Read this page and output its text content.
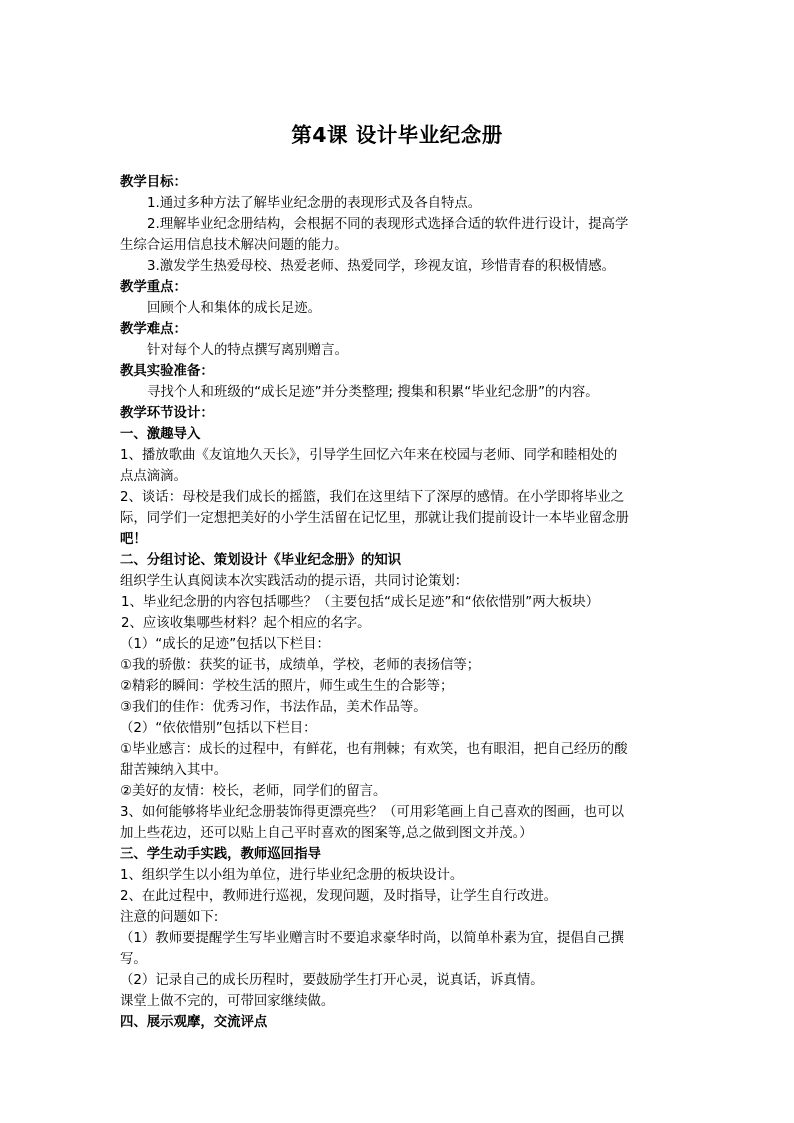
第4课 设计毕业纪念册
教学目标：
1.通过多种方法了解毕业纪念册的表现形式及各自特点。
2.理解毕业纪念册结构，会根据不同的表现形式选择合适的软件进行设计，提高学
生综合运用信息技术解决问题的能力。
3.激发学生热爱母校、热爱老师、热爱同学，珍视友谊，珍惜青春的积极情感。
教学重点：
回顾个人和集体的成长足迹。
教学难点：
针对每个人的特点撰写离别赠言。
教具实验准备：
寻找个人和班级的“成长足迹”并分类整理; 搜集和积累“毕业纪念册”的内容。
教学环节设计：
一、激趣导入
1、播放歌曲《友谊地久天长》，引导学生回忆六年来在校园与老师、同学和睦相处的
点点滴滴。
2、谈话：母校是我们成长的摇篮，我们在这里结下了深厚的感情。在小学即将毕业之
际，同学们一定想把美好的小学生活留在记忆里，那就让我们提前设计一本毕业留念册
吧！
二、分组讨论、策划设计《毕业纪念册》的知识
组织学生认真阅读本次实践活动的提示语，共同讨论策划：
1、毕业纪念册的内容包括哪些？（主要包括“成长足迹”和“依依惜别”两大板块）
2、应该收集哪些材料？起个相应的名字。
（1）“成长的足迹”包括以下栏目：
①我的骄傲：获奖的证书，成绩单，学校，老师的表扬信等；
②精彩的瞬间：学校生活的照片，师生或生生的合影等；
③我们的佳作：优秀习作，书法作品，美术作品等。
（2）“依依惜别”包括以下栏目：
①毕业感言：成长的过程中，有鲜花，也有荆棘；有欢笑，也有眼泪，把自己经历的酸
甜苦辣纳入其中。
②美好的友情：校长，老师，同学们的留言。
3、如何能够将毕业纪念册装饰得更漂亮些？（可用彩笔画上自己喜欢的图画，也可以
加上些花边，还可以贴上自己平时喜欢的图案等,总之做到图文并茂。）
三、学生动手实践，教师巡回指导
1、组织学生以小组为单位，进行毕业纪念册的板块设计。
2、在此过程中，教师进行巡视，发现问题，及时指导，让学生自行改进。
注意的问题如下:
（1）教师要提醒学生写毕业赠言时不要追求豪华时尚，以简单朴素为宜，提倡自己撰
写。
（2）记录自己的成长历程时，要鼓励学生打开心灵，说真话，诉真情。
课堂上做不完的，可带回家继续做。
四、展示观摩，交流评点
